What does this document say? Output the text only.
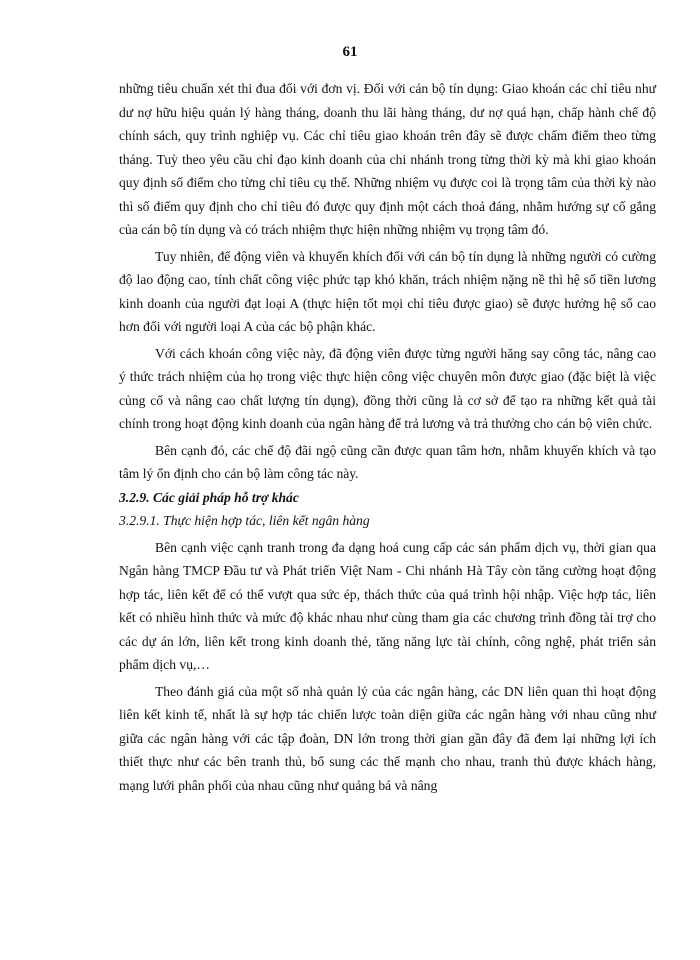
61

những tiêu chuẩn xét thi đua đối với đơn vị. Đối với cán bộ tín dụng: Giao khoán các chỉ tiêu như dư nợ hữu hiệu quản lý hàng tháng, doanh thu lãi hàng tháng, dư nợ quá hạn, chấp hành chế độ chính sách, quy trình nghiệp vụ. Các chỉ tiêu giao khoán trên đây sẽ được chấm điểm theo từng tháng. Tuỳ theo yêu cầu chỉ đạo kinh doanh của chi nhánh trong từng thời kỳ mà khi giao khoán quy định số điểm cho từng chỉ tiêu cụ thể. Những nhiệm vụ được coi là trọng tâm của thời kỳ nào thì số điểm quy định cho chỉ tiêu đó được quy định một cách thoả đáng, nhằm hướng sự cố gắng của cán bộ tín dụng và có trách nhiệm thực hiện những nhiệm vụ trọng tâm đó.

Tuy nhiên, để động viên và khuyến khích đối với cán bộ tín dụng là những người có cường độ lao động cao, tính chất công việc phức tạp khó khăn, trách nhiệm nặng nề thì hệ số tiền lương kinh doanh của người đạt loại A (thực hiện tốt mọi chỉ tiêu được giao) sẽ được hưởng hệ số cao hơn đối với người loại A của các bộ phận khác.

Với cách khoán công việc này, đã động viên được từng người hăng say công tác, nâng cao ý thức trách nhiệm của họ trong việc thực hiện công việc chuyên môn được giao (đặc biệt là việc củng cố và nâng cao chất lượng tín dụng), đồng thời cũng là cơ sở để tạo ra những kết quả tài chính trong hoạt động kinh doanh của ngân hàng để trả lương và trả thưởng cho cán bộ viên chức.

Bên cạnh đó, các chế độ đãi ngộ cũng cần được quan tâm hơn, nhằm khuyến khích và tạo tâm lý ổn định cho cán bộ làm công tác này.

3.2.9. Các giải pháp hỗ trợ khác

3.2.9.1. Thực hiện hợp tác, liên kết ngân hàng

Bên cạnh việc cạnh tranh trong đa dạng hoá cung cấp các sản phẩm dịch vụ, thời gian qua Ngân hàng TMCP Đầu tư và Phát triển Việt Nam - Chi nhánh Hà Tây còn tăng cường hoạt động hợp tác, liên kết để có thể vượt qua sức ép, thách thức của quá trình hội nhập. Việc hợp tác, liên kết có nhiều hình thức và mức độ khác nhau như cùng tham gia các chương trình đồng tài trợ cho các dự án lớn, liên kết trong kinh doanh thẻ, tăng năng lực tài chính, công nghệ, phát triển sản phẩm dịch vụ,…

Theo đánh giá của một số nhà quản lý của các ngân hàng, các DN liên quan thì hoạt động liên kết kinh tế, nhất là sự hợp tác chiến lược toàn diện giữa các ngân hàng với nhau cũng như giữa các ngân hàng với các tập đoàn, DN lớn trong thời gian gần đây đã đem lại những lợi ích thiết thực như các bên tranh thủ, bổ sung các thế mạnh cho nhau, tranh thủ được khách hàng, mạng lưới phân phối của nhau cũng như quảng bá và nâng
